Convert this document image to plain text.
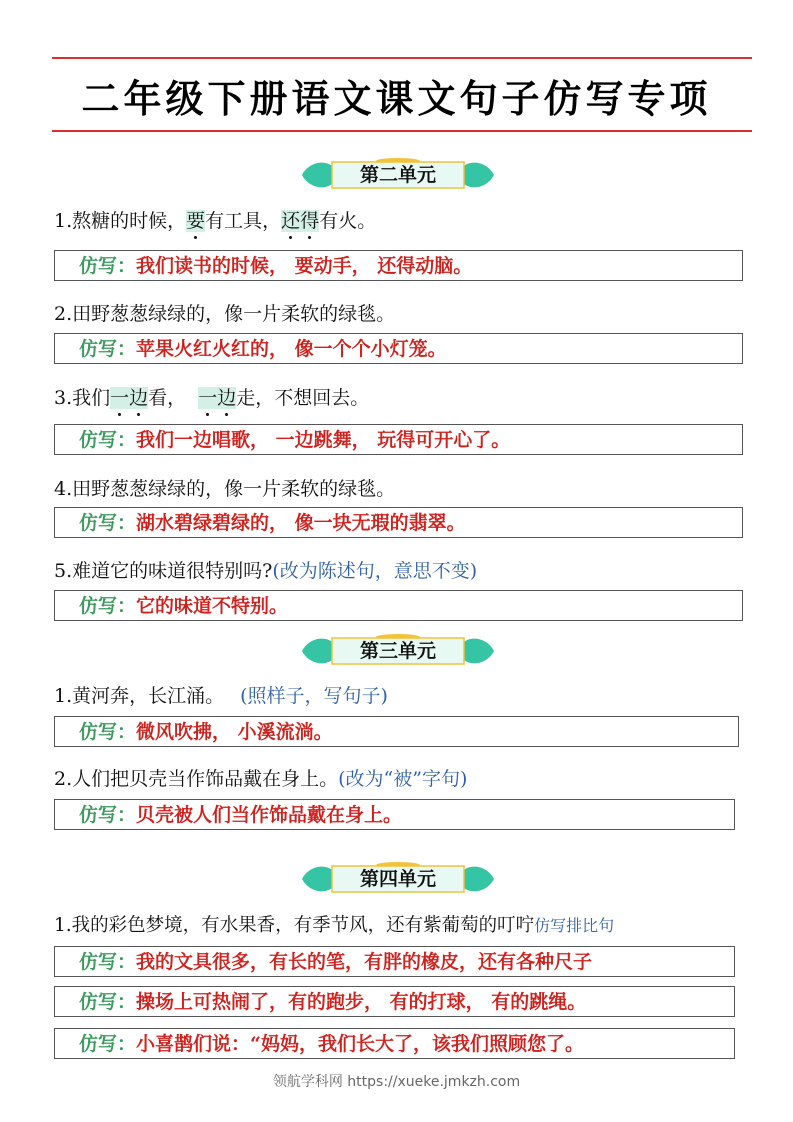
二年级下册语文课文句子仿写专项
第二单元
1.熬糖的时候，要有工具，还得有火。
仿写：我们读书的时候， 要动手， 还得动脑。
2.田野葱葱绿绿的，像一片柔软的绿毯。
仿写：苹果火红火红的， 像一个个小灯笼。
3.我们一边看，  一边走，不想回去。
仿写：我们一边唱歌， 一边跳舞， 玩得可开心了。
4.田野葱葱绿绿的，像一片柔软的绿毯。
仿写：湖水碧绿碧绿的， 像一块无瑕的翡翠。
5.难道它的味道很特别吗?(改为陈述句，意思不变)
仿写：它的味道不特别。
第三单元
1.黄河奔，长江涌。 (照样子，写句子)
仿写：微风吹拂， 小溪流淌。
2.人们把贝壳当作饰品戴在身上。(改为“被”字句)
仿写：贝壳被人们当作饰品戴在身上。
第四单元
1.我的彩色梦境，有水果香，有季节风，还有紫葡萄的叮咛仿写排比句
仿写：我的文具很多，有长的笔，有胖的橡皮，还有各种尺子
仿写：操场上可热闹了，有的跑步， 有的打球， 有的跳绳。
仿写：小喜鹊们说：“妈妈，我们长大了，该我们照顾您了。
领航学科网 https://xueke.jmkzh.com
